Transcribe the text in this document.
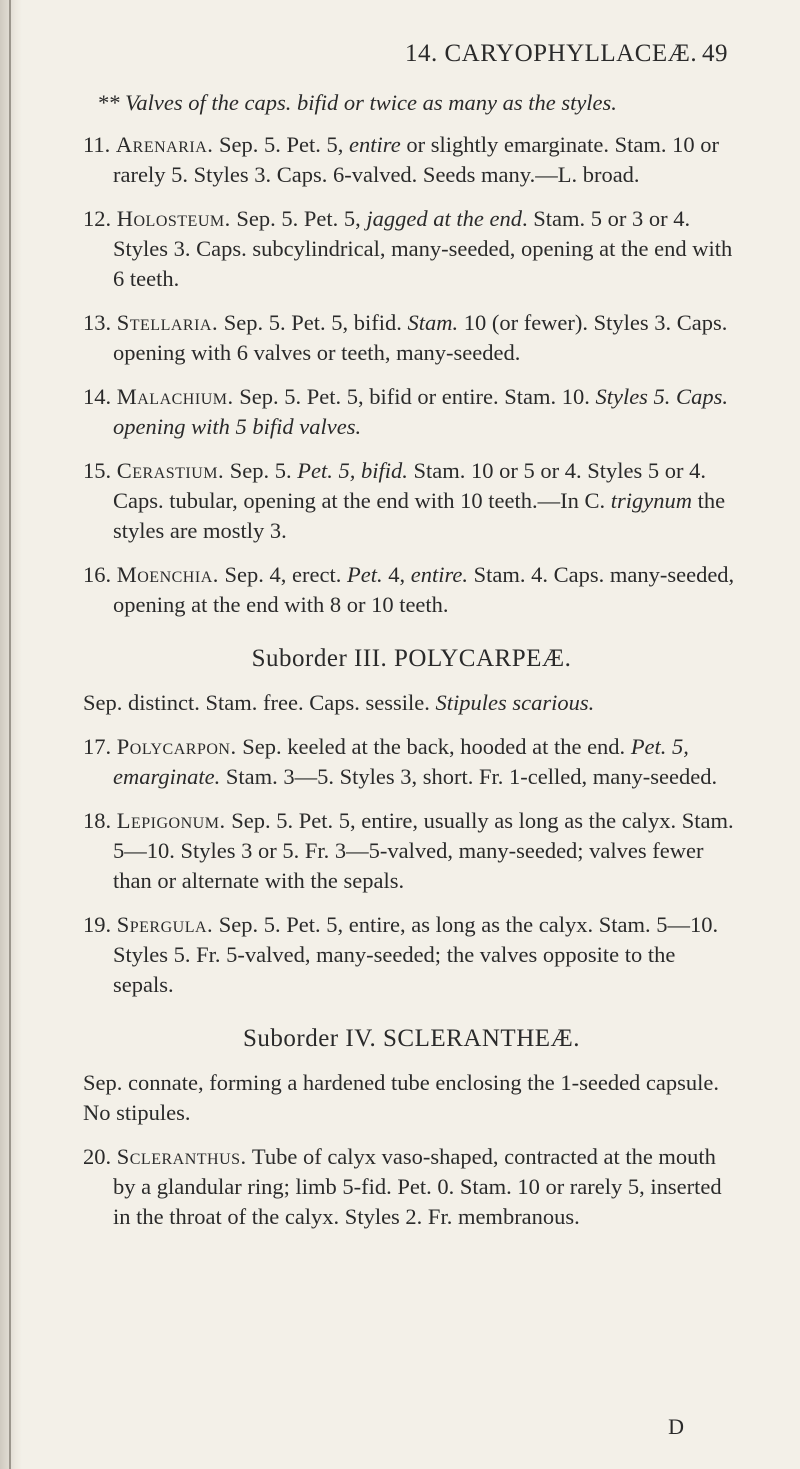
14. CARYOPHYLLACEÆ. 49

** Valves of the caps. bifid or twice as many as the styles.

11. Arenaria. Sep. 5. Pet. 5, entire or slightly emarginate. Stam. 10 or rarely 5. Styles 3. Caps. 6-valved. Seeds many.—L. broad.

12. Holosteum. Sep. 5. Pet. 5, jagged at the end. Stam. 5 or 3 or 4. Styles 3. Caps. subcylindrical, many-seeded, opening at the end with 6 teeth.

13. Stellaria. Sep. 5. Pet. 5, bifid. Stam. 10 (or fewer). Styles 3. Caps. opening with 6 valves or teeth, many-seeded.

14. Malachium. Sep. 5. Pet. 5, bifid or entire. Stam. 10. Styles 5. Caps. opening with 5 bifid valves.

15. Cerastium. Sep. 5. Pet. 5, bifid. Stam. 10 or 5 or 4. Styles 5 or 4. Caps. tubular, opening at the end with 10 teeth.—In C. trigynum the styles are mostly 3.

16. Moenchia. Sep. 4, erect. Pet. 4, entire. Stam. 4. Caps. many-seeded, opening at the end with 8 or 10 teeth.

Suborder III. POLYCARPEÆ.

Sep. distinct. Stam. free. Caps. sessile. Stipules scarious.

17. Polycarpon. Sep. keeled at the back, hooded at the end. Pet. 5, emarginate. Stam. 3—5. Styles 3, short. Fr. 1-celled, many-seeded.

18. Lepigonum. Sep. 5. Pet. 5, entire, usually as long as the calyx. Stam. 5—10. Styles 3 or 5. Fr. 3—5-valved, many-seeded; valves fewer than or alternate with the sepals.

19. Spergula. Sep. 5. Pet. 5, entire, as long as the calyx. Stam. 5—10. Styles 5. Fr. 5-valved, many-seeded; the valves opposite to the sepals.

Suborder IV. SCLERANTHEÆ.

Sep. connate, forming a hardened tube enclosing the 1-seeded capsule. No stipules.

20. Scleranthus. Tube of calyx vaso-shaped, contracted at the mouth by a glandular ring; limb 5-fid. Pet. 0. Stam. 10 or rarely 5, inserted in the throat of the calyx. Styles 2. Fr. membranous.

D
